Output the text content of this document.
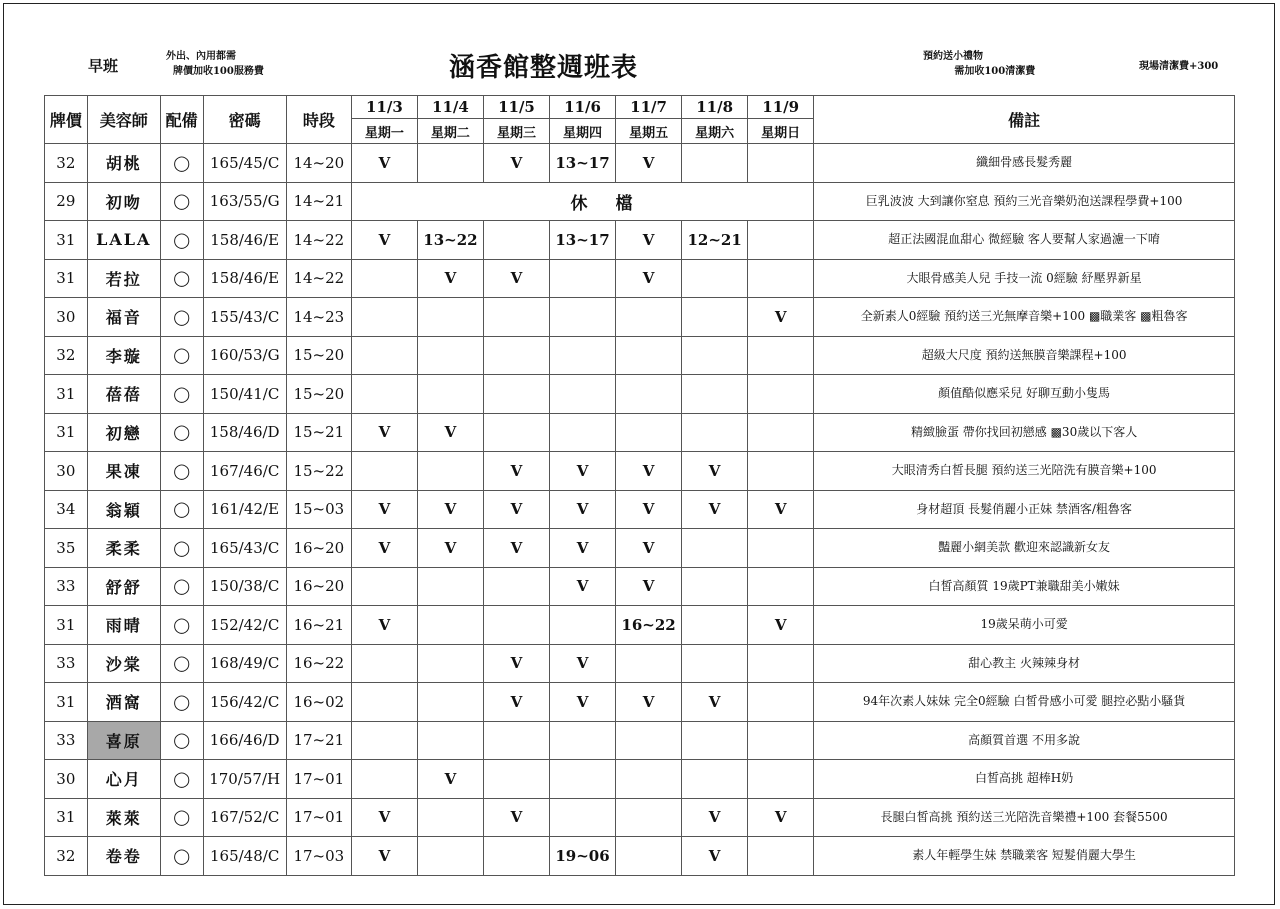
早班
外出、內用都需
牌價加收100服務費	涵香館整週班表	預約送小禮物
需加收100清潔費	現場清潔費+300
牌價	美容師	配備	密碼	時段	11/3	11/4	11/5	11/6	11/7	11/8	11/9	備註
					星期一	星期二	星期三	星期四	星期五	星期六	星期日	
32	胡桃	◯	165/45/C	14~20	V		V	13~17	V			纖細骨感長髮秀麗
29	初吻	◯	163/55/G	14~21	休				檔			巨乳波波 大到讓你窒息 預約三光音樂奶泡送課程學費+100
31	LALA	◯	158/46/E	14~22	V	13~22		13~17	V	12~21		超正法國混血甜心 微經驗 客人要幫人家過濾一下唷
31	若拉	◯	158/46/E	14~22		V	V		V			大眼骨感美人兒 手技一流 0經驗 紓壓界新星
30	福音	◯	155/43/C	14~23							V	全新素人0經驗 預約送三光無摩音樂+100 ▩職業客 ▩粗魯客
32	李璇	◯	160/53/G	15~20								超級大尺度 預約送無膜音樂課程+100
31	蓓蓓	◯	150/41/C	15~20								顏值酷似應采兒 好聊互動小隻馬
31	初戀	◯	158/46/D	15~21	V	V						精緻臉蛋 帶你找回初戀感 ▩30歲以下客人
30	果凍	◯	167/46/C	15~22			V	V	V	V		大眼清秀白皙長腿 預約送三光陪洗有膜音樂+100
34	翁穎	◯	161/42/E	15~03	V	V	V	V	V	V	V	身材超頂 長髮俏麗小正妹 禁酒客/粗魯客
35	柔柔	◯	165/43/C	16~20	V	V	V	V	V			豔麗小網美款 歡迎來認識新女友
33	舒舒	◯	150/38/C	16~20				V	V			白皙高顏質 19歲PT兼職甜美小嫩妹
31	雨晴	◯	152/42/C	16~21	V				16~22		V	19歲呆萌小可愛
33	沙棠	◯	168/49/C	16~22			V	V				甜心教主 火辣辣身材
31	酒窩	◯	156/42/C	16~02			V	V	V	V		94年次素人妹妹 完全0經驗 白皙骨感小可愛 腿控必點小騷貨
33	喜原	◯	166/46/D	17~21								高顏質首選 不用多說
30	心月	◯	170/57/H	17~01		V						白皙高挑 超棒H奶
31	萊萊	◯	167/52/C	17~01	V		V			V	V	長腿白皙高挑 預約送三光陪洗音樂禮+100 套餐5500
32	卷卷	◯	165/48/C	17~03	V			19~06		V		素人年輕學生妹 禁職業客 短髮俏麗大學生
